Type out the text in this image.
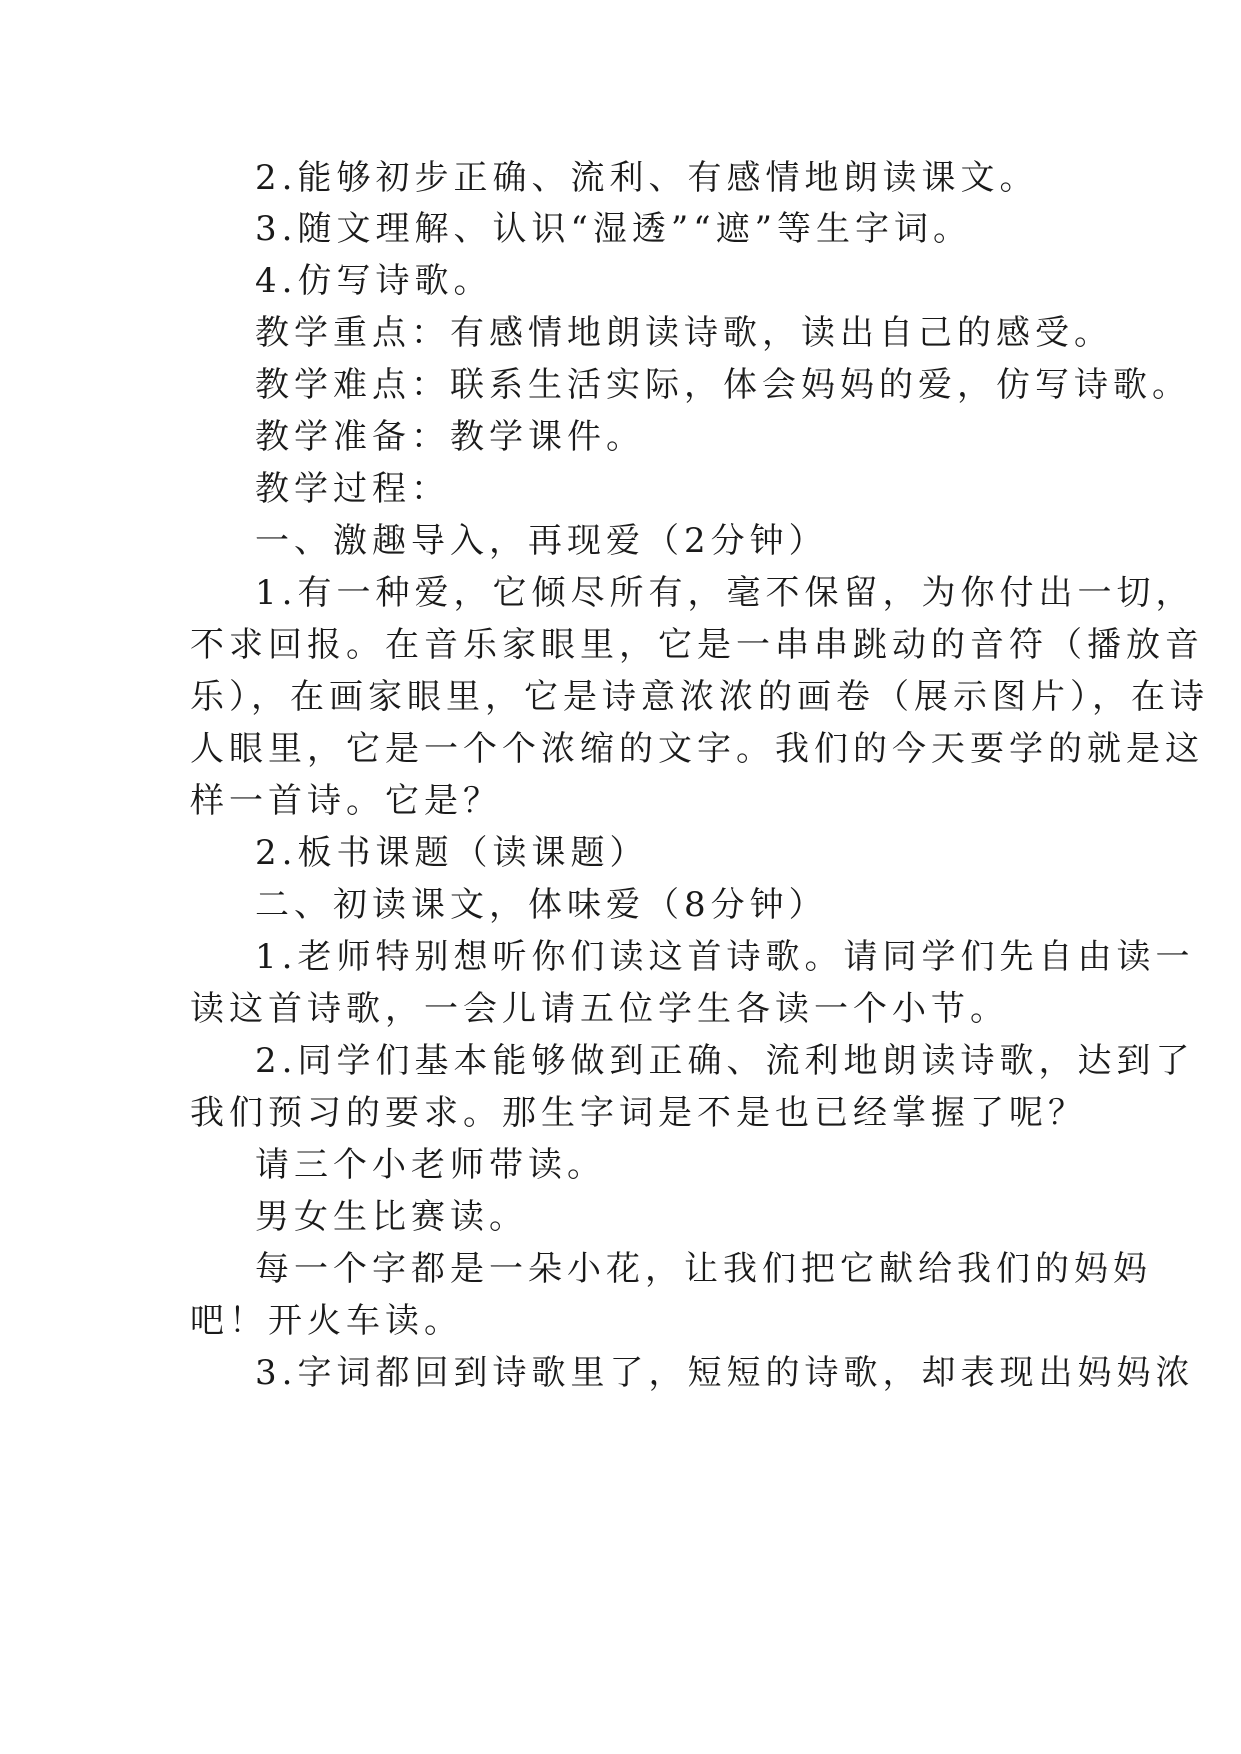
2.能够初步正确、流利、有感情地朗读课文。
3.随文理解、认识“湿透”“遮”等生字词。
4.仿写诗歌。
教学重点：有感情地朗读诗歌，读出自己的感受。
教学难点：联系生活实际，体会妈妈的爱，仿写诗歌。
教学准备：教学课件。
教学过程：
一、激趣导入，再现爱（2分钟）
1.有一种爱，它倾尽所有，毫不保留，为你付出一切，
不求回报。在音乐家眼里，它是一串串跳动的音符（播放音
乐），在画家眼里，它是诗意浓浓的画卷（展示图片），在诗
人眼里，它是一个个浓缩的文字。我们的今天要学的就是这
样一首诗。它是？
2.板书课题（读课题）
二、初读课文，体味爱（8分钟）
1.老师特别想听你们读这首诗歌。请同学们先自由读一
读这首诗歌，一会儿请五位学生各读一个小节。
2.同学们基本能够做到正确、流利地朗读诗歌，达到了
我们预习的要求。那生字词是不是也已经掌握了呢？
请三个小老师带读。
男女生比赛读。
每一个字都是一朵小花，让我们把它献给我们的妈妈
吧！开火车读。
3.字词都回到诗歌里了，短短的诗歌，却表现出妈妈浓
